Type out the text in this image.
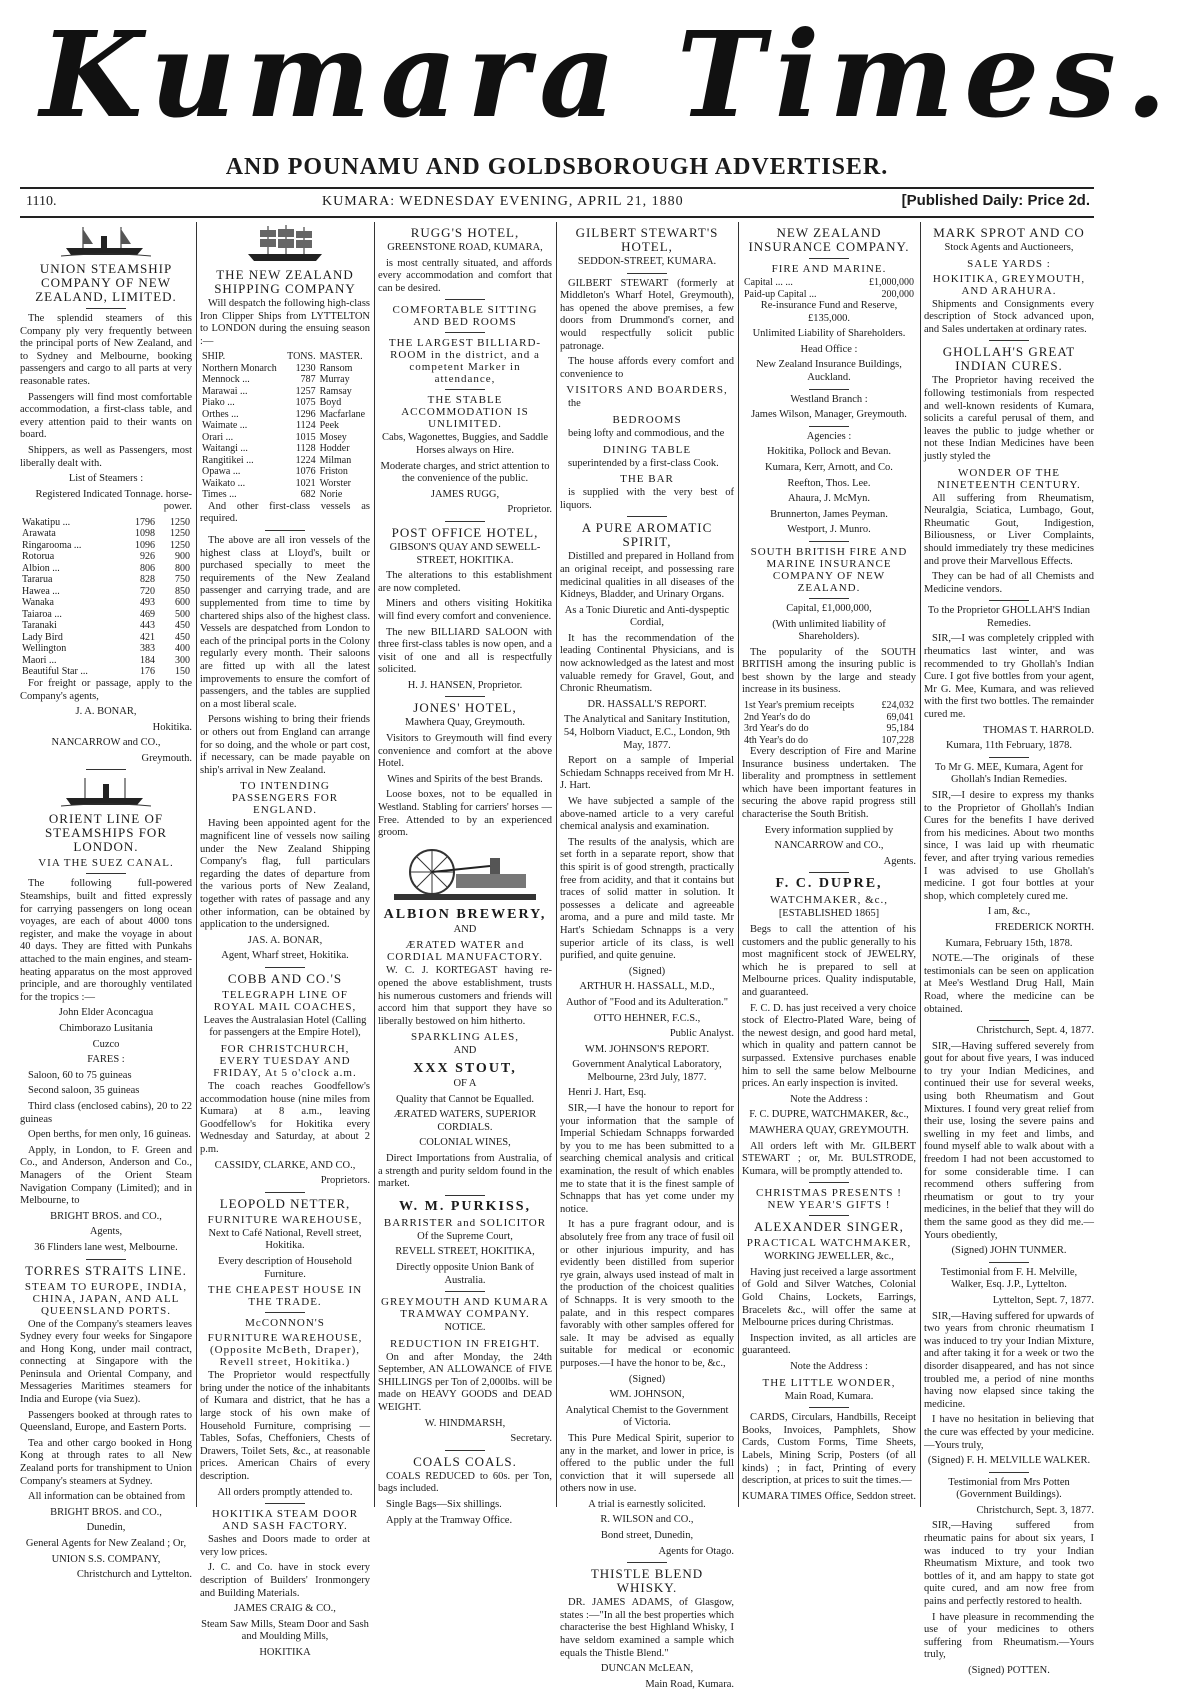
Kumara Times.
AND POUNAMU AND GOLDSBOROUGH ADVERTISER.
1110.	KUMARA: WEDNESDAY EVENING, APRIL 21, 1880	[Published Daily: Price 2d.
UNION STEAMSHIP COMPANY OF NEW ZEALAND, LIMITED.

The splendid steamers of this Company ply very frequently between the principal ports of New Zealand, and to Sydney and Melbourne, booking passengers and cargo to all parts at very reasonable rates.

Passengers will find most comfortable accommodation, a first-class table, and every attention paid to their wants on board.

Shippers, as well as Passengers, most liberally dealt with.

List of Steamers :

Registered Indicated Tonnage. horse-power.

Wakatipu ...	1796	1250
Arawata	1098	1250
Ringarooma ...	1096	1250
Rotorua	926	900
Albion ...	806	800
Tararua	828	750
Hawea ...	720	850
Wanaka	493	600
Taiaroa ...	469	500
Taranaki	443	450
Lady Bird	421	450
Wellington	383	400
Maori ...	184	300
Beautiful Star ...	176	150

For freight or passage, apply to the Company's agents,

J. A. BONAR,

Hokitika.

NANCARROW and CO.,

Greymouth.

ORIENT LINE OF STEAMSHIPS FOR LONDON.
VIA THE SUEZ CANAL.

The following full-powered Steamships, built and fitted expressly for carrying passengers on long ocean voyages, are each of about 4000 tons register, and make the voyage in about 40 days. They are fitted with Punkahs attached to the main engines, and steam-heating apparatus on the most approved principle, and are thoroughly ventilated for the tropics :—

John Elder Aconcagua

Chimborazo Lusitania

Cuzco

FARES :

Saloon, 60 to 75 guineas

Second saloon, 35 guineas

Third class (enclosed cabins), 20 to 22 guineas

Open berths, for men only, 16 guineas.

Apply, in London, to F. Green and Co., and Anderson, Anderson and Co., Managers of the Orient Steam Navigation Company (Limited); and in Melbourne, to

BRIGHT BROS. and CO.,

Agents,

36 Flinders lane west, Melbourne.

TORRES STRAITS LINE.
STEAM TO EUROPE, INDIA, CHINA, JAPAN, AND ALL QUEENSLAND PORTS.

One of the Company's steamers leaves Sydney every four weeks for Singapore and Hong Kong, under mail contract, connecting at Singapore with the Peninsula and Oriental Company, and Messageries Maritimes steamers for India and Europe (via Suez).

Passengers booked at through rates to Queensland, Europe, and Eastern Ports.

Tea and other cargo booked in Hong Kong at through rates to all New Zealand ports for transhipment to Union Company's steamers at Sydney.

All information can be obtained from

BRIGHT BROS. and CO.,

Dunedin,

General Agents for New Zealand ; Or,

UNION S.S. COMPANY,

Christchurch and Lyttelton.

THE NEW ZEALAND SHIPPING COMPANY

Will despatch the following high-class Iron Clipper Ships from LYTTELTON to LONDON during the ensuing season :—

SHIP.	TONS.	MASTER.
Northern Monarch	1230	Ransom
Mennock ...	787	Murray
Marawai ...	1257	Ramsay
Piako ...	1075	Boyd
Orthes ...	1296	Macfarlane
Waimate ...	1124	Peek
Orari ...	1015	Mosey
Waitangi ...	1128	Hodder
Rangitikei ...	1224	Milman
Opawa ...	1076	Friston
Waikato ...	1021	Worster
Times ...	682	Norie

And other first-class vessels as required.

The above are all iron vessels of the highest class at Lloyd's, built or purchased specially to meet the requirements of the New Zealand passenger and carrying trade, and are supplemented from time to time by chartered ships also of the highest class. Vessels are despatched from London to each of the principal ports in the Colony regularly every month. Their saloons are fitted up with all the latest improvements to ensure the comfort of passengers, and the tables are supplied on a most liberal scale.

Persons wishing to bring their friends or others out from England can arrange for so doing, and the whole or part cost, if necessary, can be made payable on ship's arrival in New Zealand.

TO INTENDING PASSENGERS FOR ENGLAND.

Having been appointed agent for the magnificent line of vessels now sailing under the New Zealand Shipping Company's flag, full particulars regarding the dates of departure from the various ports of New Zealand, together with rates of passage and any other information, can be obtained by application to the undersigned.

JAS. A. BONAR,

Agent, Wharf street, Hokitika.

COBB AND CO.'S
TELEGRAPH LINE OF ROYAL MAIL COACHES,

Leaves the Australasian Hotel (Calling for passengers at the Empire Hotel),

FOR CHRISTCHURCH, EVERY TUESDAY AND FRIDAY, At 5 o'clock a.m.

The coach reaches Goodfellow's accommodation house (nine miles from Kumara) at 8 a.m., leaving Goodfellow's for Hokitika every Wednesday and Saturday, at about 2 p.m.

CASSIDY, CLARKE, AND CO.,

Proprietors.

LEOPOLD NETTER,
FURNITURE WAREHOUSE,

Next to Café National, Revell street, Hokitika.

Every description of Household Furniture.

THE CHEAPEST HOUSE IN THE TRADE.
McCONNON'S
FURNITURE WAREHOUSE, (Opposite McBeth, Draper), Revell street, Hokitika.)

The Proprietor would respectfully bring under the notice of the inhabitants of Kumara and district, that he has a large stock of his own make of Household Furniture, comprising — Tables, Sofas, Cheffoniers, Chests of Drawers, Toilet Sets, &c., at reasonable prices. American Chairs of every description.

All orders promptly attended to.

HOKITIKA STEAM DOOR AND SASH FACTORY.

Sashes and Doors made to order at very low prices.

J. C. and Co. have in stock every description of Builders' Ironmongery and Building Materials.

JAMES CRAIG & CO.,

Steam Saw Mills, Steam Door and Sash and Moulding Mills,

HOKITIKA

RUGG'S HOTEL,

GREENSTONE ROAD, KUMARA,

is most centrally situated, and affords every accommodation and comfort that can be desired.

COMFORTABLE SITTING AND BED ROOMS
THE LARGEST BILLIARD-ROOM in the district, and a competent Marker in attendance,
THE STABLE ACCOMMODATION IS UNLIMITED.

Cabs, Wagonettes, Buggies, and Saddle Horses always on Hire.

Moderate charges, and strict attention to the convenience of the public.

JAMES RUGG,

Proprietor.

POST OFFICE HOTEL,

GIBSON'S QUAY AND SEWELL-STREET, HOKITIKA.

The alterations to this establishment are now completed.

Miners and others visiting Hokitika will find every comfort and convenience.

The new BILLIARD SALOON with three first-class tables is now open, and a visit of one and all is respectfully solicited.

H. J. HANSEN, Proprietor.

JONES' HOTEL,

Mawhera Quay, Greymouth.

Visitors to Greymouth will find every convenience and comfort at the above Hotel.

Wines and Spirits of the best Brands.

Loose boxes, not to be equalled in Westland. Stabling for carriers' horses —Free. Attended to by an experienced groom.

ALBION BREWERY,

AND

ÆRATED WATER and CORDIAL MANUFACTORY.

W. C. J. KORTEGAST having re-opened the above establishment, trusts his numerous customers and friends will accord him that support they have so liberally bestowed on him hitherto.

SPARKLING ALES,

AND

XXX STOUT,

OF A

Quality that Cannot be Equalled.

ÆRATED WATERS, SUPERIOR CORDIALS.

COLONIAL WINES,

Direct Importations from Australia, of a strength and purity seldom found in the market.

W. M. PURKISS,
BARRISTER and SOLICITOR

Of the Supreme Court,

REVELL STREET, HOKITIKA,

Directly opposite Union Bank of Australia.

GREYMOUTH AND KUMARA TRAMWAY COMPANY.

NOTICE.

REDUCTION IN FREIGHT.

On and after Monday, the 24th September, AN ALLOWANCE of FIVE SHILLINGS per Ton of 2,000lbs. will be made on HEAVY GOODS and DEAD WEIGHT.

W. HINDMARSH,

Secretary.

COALS COALS.

COALS REDUCED to 60s. per Ton, bags included.

Single Bags—Six shillings.

Apply at the Tramway Office.

GILBERT STEWART'S HOTEL,

SEDDON-STREET, KUMARA.

GILBERT STEWART (formerly at Middleton's Wharf Hotel, Greymouth), has opened the above premises, a few doors from Drummond's corner, and would respectfully solicit public patronage.

The house affords every comfort and convenience to

VISITORS AND BOARDERS,

the

BEDROOMS

being lofty and commodious, and the

DINING TABLE

superintended by a first-class Cook.

THE BAR

is supplied with the very best of liquors.

A PURE AROMATIC SPIRIT,

Distilled and prepared in Holland from an original receipt, and possessing rare medicinal qualities in all diseases of the Kidneys, Bladder, and Urinary Organs.

As a Tonic Diuretic and Anti-dyspeptic Cordial,

It has the recommendation of the leading Continental Physicians, and is now acknowledged as the latest and most valuable remedy for Gravel, Gout, and Chronic Rheumatism.

DR. HASSALL'S REPORT.

The Analytical and Sanitary Institution, 54, Holborn Viaduct, E.C., London, 9th May, 1877.

Report on a sample of Imperial Schiedam Schnapps received from Mr H. J. Hart.

We have subjected a sample of the above-named article to a very careful chemical analysis and examination.

The results of the analysis, which are set forth in a separate report, show that this spirit is of good strength, practically free from acidity, and that it contains but traces of solid matter in solution. It possesses a delicate and agreeable aroma, and a pure and mild taste. Mr Hart's Schiedam Schnapps is a very superior article of its class, is well purified, and quite genuine.

(Signed)

ARTHUR H. HASSALL, M.D.,

Author of "Food and its Adulteration."

OTTO HEHNER, F.C.S.,

Public Analyst.

WM. JOHNSON'S REPORT.

Government Analytical Laboratory, Melbourne, 23rd July, 1877.

Henri J. Hart, Esq.

SIR,—I have the honour to report for your information that the sample of Imperial Schiedam Schnapps forwarded by you to me has been submitted to a searching chemical analysis and critical examination, the result of which enables me to state that it is the finest sample of Schnapps that has yet come under my notice.

It has a pure fragrant odour, and is absolutely free from any trace of fusil oil or other injurious impurity, and has evidently been distilled from superior rye grain, always used instead of malt in the production of the choicest qualities of Schnapps. It is very smooth to the palate, and in this respect compares favorably with other samples offered for sale. It may be advised as equally suitable for medical or economic purposes.—I have the honor to be, &c.,

(Signed)

WM. JOHNSON,

Analytical Chemist to the Government of Victoria.

This Pure Medical Spirit, superior to any in the market, and lower in price, is offered to the public under the full conviction that it will supersede all others now in use.

A trial is earnestly solicited.

R. WILSON and CO.,

Bond street, Dunedin,

Agents for Otago.

THISTLE BLEND WHISKY.

DR. JAMES ADAMS, of Glasgow, states :—"In all the best properties which characterise the best Highland Whisky, I have seldom examined a sample which equals the Thistle Blend."

DUNCAN McLEAN,

Main Road, Kumara.

NEW ZEALAND INSURANCE COMPANY.
FIRE AND MARINE.
Capital ... ...	£1,000,000
Paid-up Capital ...	200,000

Re-insurance Fund and Reserve, £135,000.

Unlimited Liability of Shareholders.

Head Office :

New Zealand Insurance Buildings, Auckland.

Westland Branch :

James Wilson, Manager, Greymouth.

Agencies :

Hokitika, Pollock and Bevan.

Kumara, Kerr, Arnott, and Co.

Reefton, Thos. Lee.

Ahaura, J. McMyn.

Brunnerton, James Peyman.

Westport, J. Munro.

SOUTH BRITISH FIRE AND MARINE INSURANCE COMPANY OF NEW ZEALAND.

Capital, £1,000,000,

(With unlimited liability of Shareholders).

The popularity of the SOUTH BRITISH among the insuring public is best shown by the large and steady increase in its business.

1st Year's premium receipts	£24,032
2nd Year's do do	69,041
3rd Year's do do	95,184
4th Year's do do	107,228

Every description of Fire and Marine Insurance business undertaken. The liberality and promptness in settlement which have been important features in securing the above rapid progress still characterise the South British.

Every information supplied by

NANCARROW and CO.,

Agents.

F. C. DUPRE,
WATCHMAKER, &c.,

[ESTABLISHED 1865]

Begs to call the attention of his customers and the public generally to his most magnificent stock of JEWELRY, which he is prepared to sell at Melbourne prices. Quality indisputable, and guaranteed.

F. C. D. has just received a very choice stock of Electro-Plated Ware, being of the newest design, and good hard metal, which in quality and pattern cannot be surpassed. Extensive purchases enable him to sell the same below Melbourne prices. An early inspection is invited.

Note the Address :

F. C. DUPRE, WATCHMAKER, &c.,

MAWHERA QUAY, GREYMOUTH.

All orders left with Mr. GILBERT STEWART ; or, Mr. BULSTRODE, Kumara, will be promptly attended to.

CHRISTMAS PRESENTS ! NEW YEAR'S GIFTS !
ALEXANDER SINGER,
PRACTICAL WATCHMAKER,

WORKING JEWELLER, &c.,

Having just received a large assortment of Gold and Silver Watches, Colonial Gold Chains, Lockets, Earrings, Bracelets &c., will offer the same at Melbourne prices during Christmas.

Inspection invited, as all articles are guaranteed.

Note the Address :

THE LITTLE WONDER,

Main Road, Kumara.

CARDS, Circulars, Handbills, Receipt Books, Invoices, Pamphlets, Show Cards, Custom Forms, Time Sheets, Labels, Mining Scrip, Posters (of all kinds) ; in fact, Printing of every description, at prices to suit the times.—

KUMARA TIMES Office, Seddon street.

MARK SPROT AND CO

Stock Agents and Auctioneers,

SALE YARDS :
HOKITIKA, GREYMOUTH, AND ARAHURA.

Shipments and Consignments every description of Stock advanced upon, and Sales undertaken at ordinary rates.

GHOLLAH'S GREAT INDIAN CURES.

The Proprietor having received the following testimonials from respected and well-known residents of Kumara, solicits a careful perusal of them, and leaves the public to judge whether or not these Indian Medicines have been justly styled the

WONDER OF THE NINETEENTH CENTURY.

All suffering from Rheumatism, Neuralgia, Sciatica, Lumbago, Gout, Rheumatic Gout, Indigestion, Biliousness, or Liver Complaints, should immediately try these medicines and prove their Marvellous Effects.

They can be had of all Chemists and Medicine vendors.

To the Proprietor GHOLLAH'S Indian Remedies.

SIR,—I was completely crippled with rheumatics last winter, and was recommended to try Ghollah's Indian Cure. I got five bottles from your agent, Mr G. Mee, Kumara, and was relieved with the first two bottles. The remainder cured me.

THOMAS T. HARROLD.

Kumara, 11th February, 1878.

To Mr G. MEE, Kumara, Agent for Ghollah's Indian Remedies.

SIR,—I desire to express my thanks to the Proprietor of Ghollah's Indian Cures for the benefits I have derived from his medicines. About two months since, I was laid up with rheumatic fever, and after trying various remedies I was advised to use Ghollah's medicine. I got four bottles at your shop, which completely cured me.

I am, &c.,

FREDERICK NORTH.

Kumara, February 15th, 1878.

NOTE.—The originals of these testimonials can be seen on application at Mee's Westland Drug Hall, Main Road, where the medicine can be obtained.

Christchurch, Sept. 4, 1877.

SIR,—Having suffered severely from gout for about five years, I was induced to try your Indian Medicines, and continued their use for several weeks, using both Rheumatism and Gout Mixtures. I found very great relief from their use, losing the severe pains and swelling in my feet and limbs, and found myself able to walk about with a freedom I had not been accustomed to for some considerable time. I can recommend others suffering from rheumatism or gout to try your medicines, in the belief that they will do them the same good as they did me.—Yours obediently,

(Signed) JOHN TUNMER.

Testimonial from F. H. Melville, Walker, Esq. J.P., Lyttelton.

Lyttelton, Sept. 7, 1877.

SIR,—Having suffered for upwards of two years from chronic rheumatism I was induced to try your Indian Mixture, and after taking it for a week or two the disorder disappeared, and has not since troubled me, a period of nine months having now elapsed since taking the medicine.

I have no hesitation in believing that the cure was effected by your medicine.—Yours truly,

(Signed) F. H. MELVILLE WALKER.

Testimonial from Mrs Potten (Government Buildings).

Christchurch, Sept. 3, 1877.

SIR,—Having suffered from rheumatic pains for about six years, I was induced to try your Indian Rheumatism Mixture, and took two bottles of it, and am happy to state got quite cured, and am now free from pains and perfectly restored to health.

I have pleasure in recommending the use of your medicines to others suffering from Rheumatism.—Yours truly,

(Signed) POTTEN.
